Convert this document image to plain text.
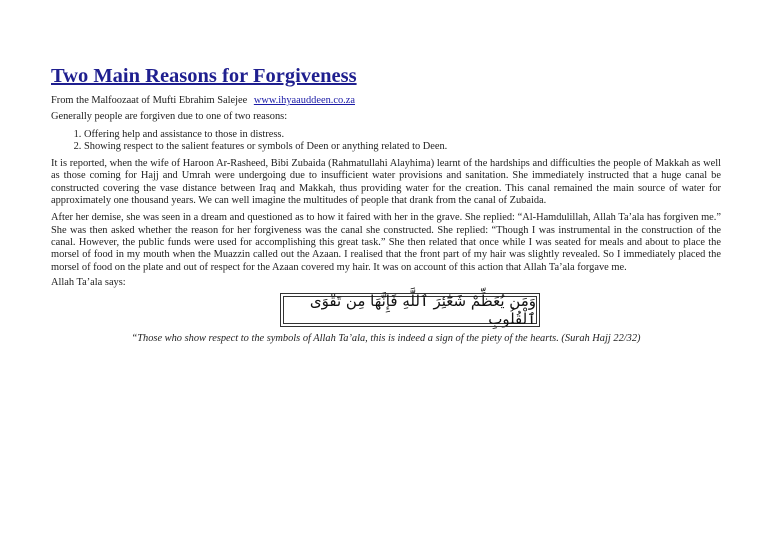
Two Main Reasons for Forgiveness

From the Malfoozaat of Mufti Ebrahim Salejee www.ihyaauddeen.co.za

Generally people are forgiven due to one of two reasons:

1. Offering help and assistance to those in distress.
2. Showing respect to the salient features or symbols of Deen or anything related to Deen.

It is reported, when the wife of Haroon Ar-Rasheed, Bibi Zubaida (Rahmatullahi Alayhima) learnt of the hardships and difficulties the people of Makkah as well as those coming for Hajj and Umrah were undergoing due to insufficient water provisions and sanitation. She immediately instructed that a huge canal be constructed covering the vase distance between Iraq and Makkah, thus providing water for the creation. This canal remained the main source of water for approximately one thousand years. We can well imagine the multitudes of people that drank from the canal of Zubaida.

After her demise, she was seen in a dream and questioned as to how it faired with her in the grave. She replied: “Al-Hamdulillah, Allah Ta’ala has forgiven me.” She was then asked whether the reason for her forgiveness was the canal she constructed. She replied: “Though I was instrumental in the construction of the canal. However, the public funds were used for accomplishing this great task.” She then related that once while I was seated for meals and about to place the morsel of food in my mouth when the Muazzin called out the Azaan. I realised that the front part of my hair was slightly revealed. So I immediately placed the morsel of food on the plate and out of respect for the Azaan covered my hair. It was on account of this action that Allah Ta’ala forgave me.

Allah Ta’ala says:

وَمَن يُعَظِّمْ شَعَٰٓئِرَ ٱللَّهِ فَإِنَّهَا مِن تَقْوَى ٱلْقُلُوبِ

“Those who show respect to the symbols of Allah Ta’ala, this is indeed a sign of the piety of the hearts. (Surah Hajj 22/32)
